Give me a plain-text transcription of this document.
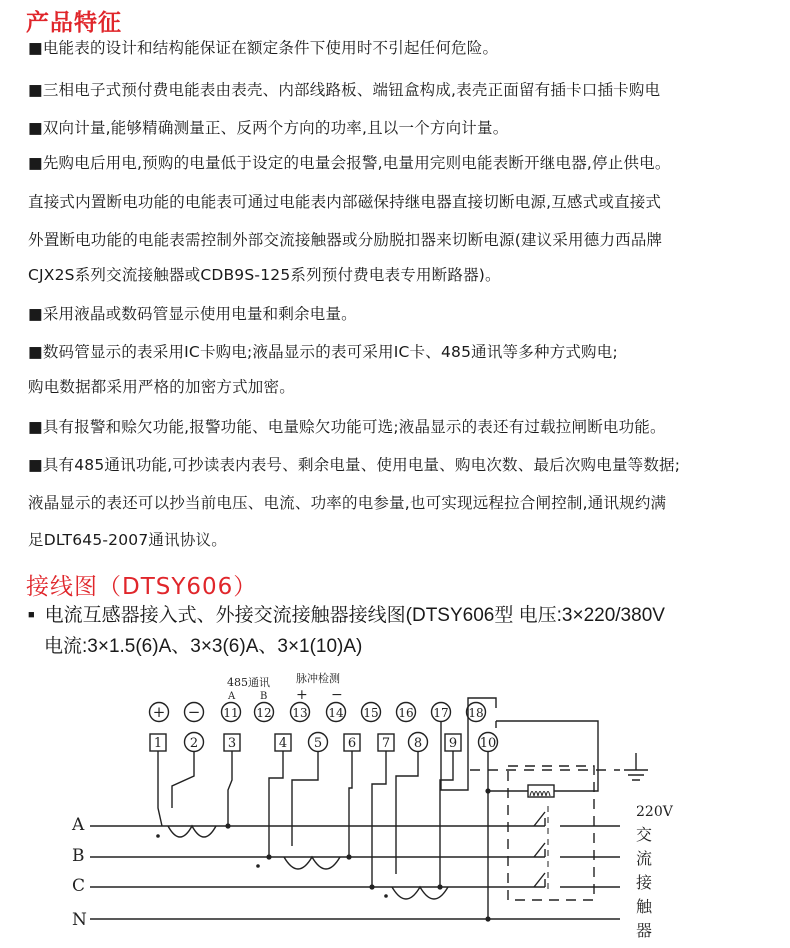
产品特征
■电能表的设计和结构能保证在额定条件下使用时不引起任何危险。
■三相电子式预付费电能表由表壳、内部线路板、端钮盒构成,表壳正面留有插卡口插卡购电
■双向计量,能够精确测量正、反两个方向的功率,且以一个方向计量。
■先购电后用电,预购的电量低于设定的电量会报警,电量用完则电能表断开继电器,停止供电。
直接式内置断电功能的电能表可通过电能表内部磁保持继电器直接切断电源,互感式或直接式
外置断电功能的电能表需控制外部交流接触器或分励脱扣器来切断电源(建议采用德力西品牌
CJX2S系列交流接触器或CDB9S-125系列预付费电表专用断路器)。
■采用液晶或数码管显示使用电量和剩余电量。
■数码管显示的表采用IC卡购电;液晶显示的表可采用IC卡、485通讯等多种方式购电;
购电数据都采用严格的加密方式加密。
■具有报警和赊欠功能,报警功能、电量赊欠功能可选;液晶显示的表还有过载拉闸断电功能。
■具有485通讯功能,可抄读表内表号、剩余电量、使用电量、购电次数、最后次购电量等数据;
液晶显示的表还可以抄当前电压、电流、功率的电参量,也可实现远程拉合闸控制,通讯规约满
足DLT645-2007通讯协议。
接线图（DTSY606）
■ 电流互感器接入式、外接交流接触器接线图(DTSY606型 电压:3×220/380V
电流:3×1.5(6)A、3×3(6)A、3×1(10)A)
485通讯
A B
脉冲检测
+ −
+ − 11 12 13 14 15 16 17 18
1 2 3	4 5 6 7 8 9 10
A
B
C
N
220V
交
流
接
触
器
